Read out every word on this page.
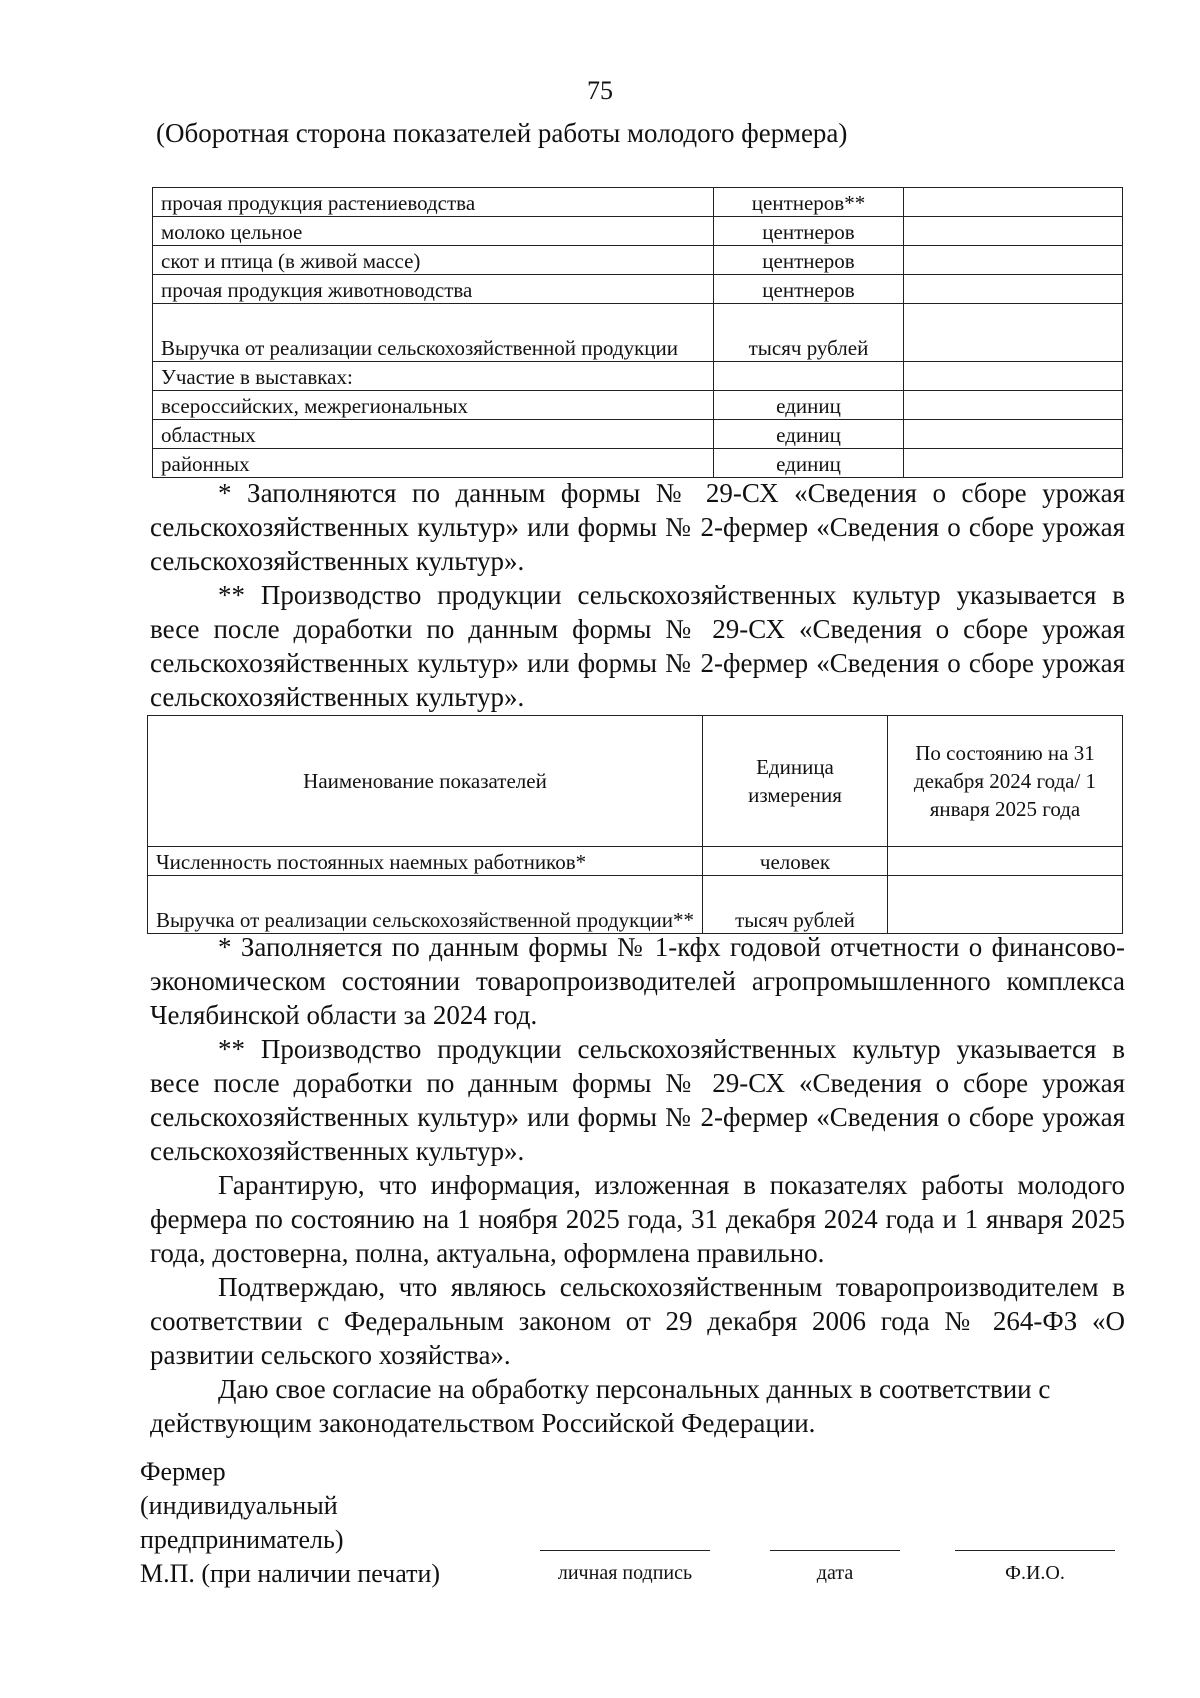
75
(Оборотная сторона показателей работы молодого фермера)
прочая продукция растениеводства	центнеров**	
молоко цельное	центнеров	
скот и птица (в живой массе)	центнеров	
прочая продукция животноводства	центнеров	
Выручка от реализации сельскохозяйственной продукции	тысяч рублей	
Участие в выставках:		
всероссийских, межрегиональных	единиц	
областных	единиц	
районных	единиц	

* Заполняются по данным формы № 29-СХ «Сведения о сборе урожая сельскохозяйственных культур» или формы № 2-фермер «Сведения о сборе урожая сельскохозяйственных культур».

** Производство продукции сельскохозяйственных культур указывается в весе после доработки по данным формы № 29-СХ «Сведения о сборе урожая сельскохозяйственных культур» или формы № 2-фермер «Сведения о сборе урожая сельскохозяйственных культур».

Наименование показателей	Единица измерения	По состоянию на 31 декабря 2024 года/ 1 января 2025 года
Численность постоянных наемных работников*	человек	
Выручка от реализации сельскохозяйственной продукции**	тысяч рублей	

* Заполняется по данным формы № 1-кфх годовой отчетности о финансово-экономическом состоянии товаропроизводителей агропромышленного комплекса Челябинской области за 2024 год.

** Производство продукции сельскохозяйственных культур указывается в весе после доработки по данным формы № 29-СХ «Сведения о сборе урожая сельскохозяйственных культур» или формы № 2-фермер «Сведения о сборе урожая сельскохозяйственных культур».

Гарантирую, что информация, изложенная в показателях работы молодого фермера по состоянию на 1 ноября 2025 года, 31 декабря 2024 года и 1 января 2025 года, достоверна, полна, актуальна, оформлена правильно.

Подтверждаю, что являюсь сельскохозяйственным товаропроизводителем в соответствии с Федеральным законом от 29 декабря 2006 года № 264-ФЗ «О развитии сельского хозяйства».

Даю свое согласие на обработку персональных данных в соответствии с действующим законодательством Российской Федерации.

Фермер
(индивидуальный
предприниматель)
М.П. (при наличии печати)	личная подпись	дата	Ф.И.О.
